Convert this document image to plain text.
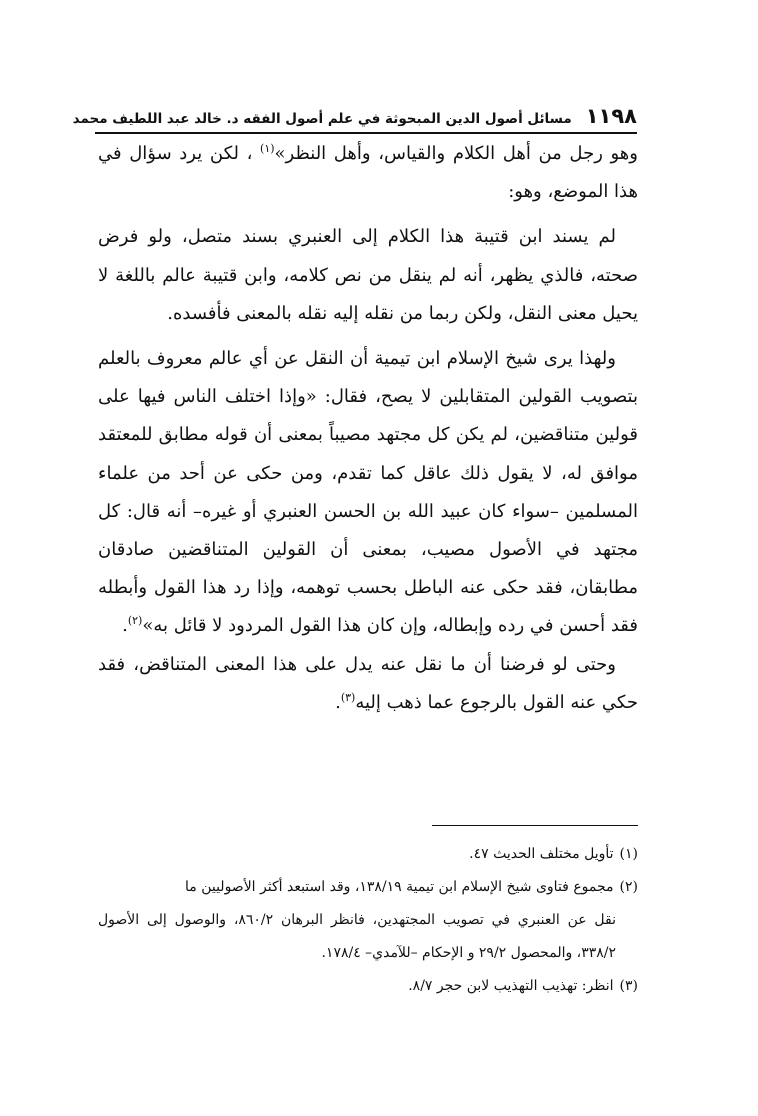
١١٩٨
مسائل أصول الدين المبحوثة في علم أصول الفقه د. خالد عبد اللطيف محمد

وهو رجل من أهل الكلام والقياس، وأهل النظر»$^{(١)}$ ، لكن يرد سؤال في هذا الموضع، وهو:

لم يسند ابن قتيبة هذا الكلام إلى العنبري بسند متصل، ولو فرض صحته، فالذي يظهر، أنه لم ينقل من نص كلامه، وابن قتيبة عالم باللغة لا يحيل معنى النقل، ولكن ربما من نقله إليه نقله بالمعنى فأفسده.

ولهذا يرى شيخ الإسلام ابن تيمية أن النقل عن أي عالم معروف بالعلم بتصويب القولين المتقابلين لا يصح، فقال: «وإذا اختلف الناس فيها على قولين متناقضين، لم يكن كل مجتهد مصيباً بمعنى أن قوله مطابق للمعتقد موافق له، لا يقول ذلك عاقل كما تقدم، ومن حكى عن أحد من علماء المسلمين –سواء كان عبيد الله بن الحسن العنبري أو غيره– أنه قال: كل مجتهد في الأصول مصيب، بمعنى أن القولين المتناقضين صادقان مطابقان، فقد حكى عنه الباطل بحسب توهمه، وإذا رد هذا القول وأبطله فقد أحسن في رده وإبطاله، وإن كان هذا القول المردود لا قائل به»$^{(٢)}$.

وحتى لو فرضنا أن ما نقل عنه يدل على هذا المعنى المتناقض، فقد حكي عنه القول بالرجوع عما ذهب إليه$^{(٣)}$.

(١)تأويل مختلف الحديث ٤٧.

(٢)مجموع فتاوى شيخ الإسلام ابن تيمية ١٣٨/١٩، وقد استبعد أكثر الأصوليين ما

نقل عن العنبري في تصويب المجتهدين، فانظر البرهان ٨٦٠/٢، والوصول إلى الأصول ٣٣٨/٢، والمحصول ٢٩/٢ و الإحكام –للآمدي– ١٧٨/٤.

(٣)انظر: تهذيب التهذيب لابن حجر ٨/٧.
